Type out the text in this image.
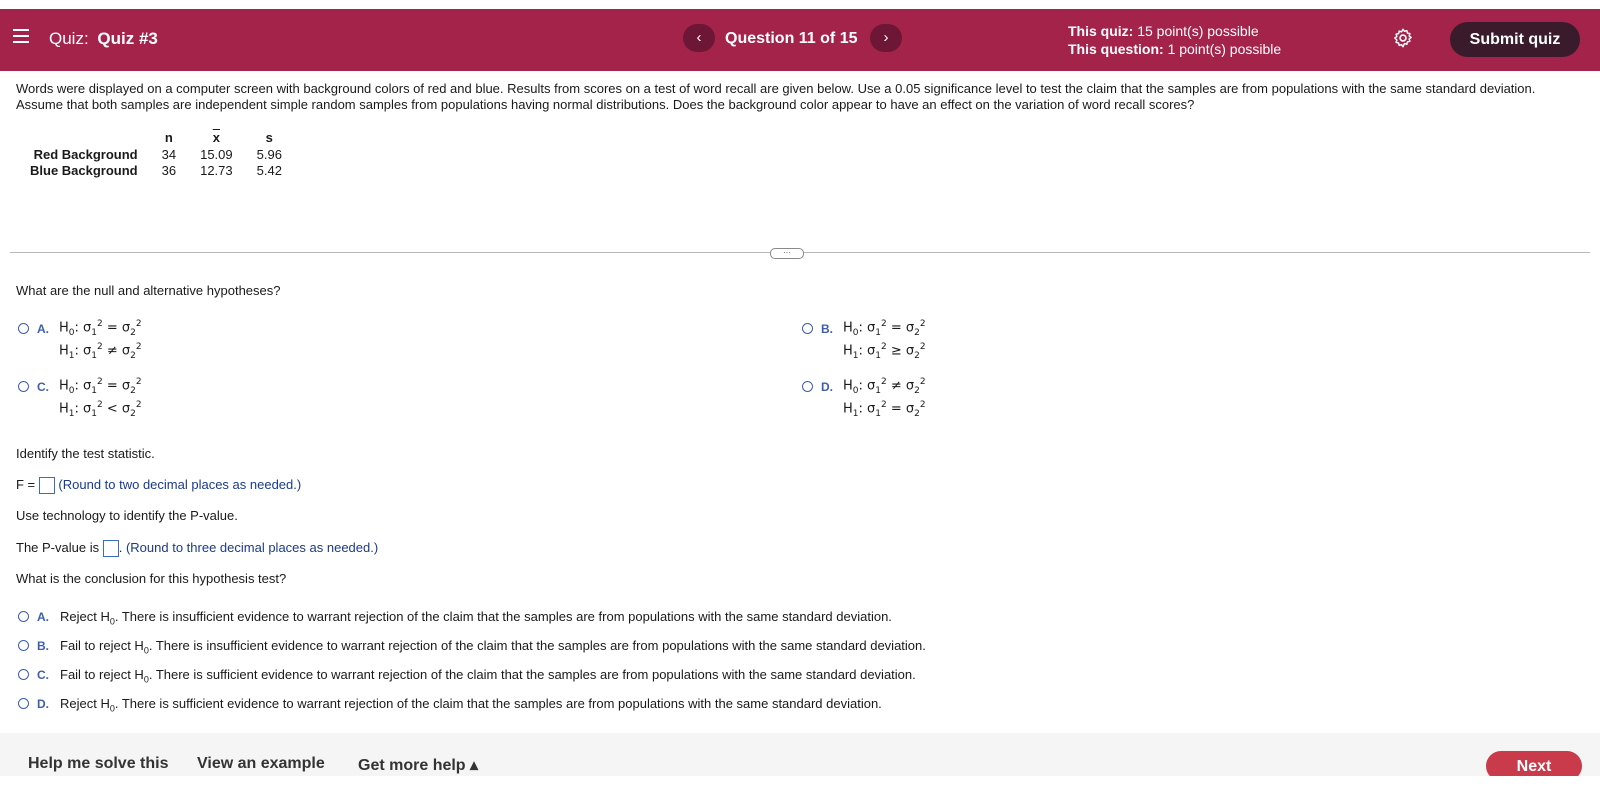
Quiz: Quiz #3	‹	Question 11 of 15	›	This quiz: 15 point(s) possible
This question: 1 point(s) possible
Submit quiz
Words were displayed on a computer screen with background colors of red and blue. Results from scores on a test of word recall are given below. Use a 0.05 significance level to test the claim that the samples are from populations with the same standard deviation. Assume that both samples are independent simple random samples from populations having normal distributions. Does the background color appear to have an effect on the variation of word recall scores?
	n	$\overline{x}$	s
Red Background	34	15.09	5.96
Blue Background	36	12.73	5.42
···
What are the null and alternative hypotheses?
A. $H_0$: $\sigma_1^2 = \sigma_2^2$
$H_1$: $\sigma_1^2 \ne \sigma_2^2$
B. $H_0$: $\sigma_1^2 = \sigma_2^2$
$H_1$: $\sigma_1^2 \ge \sigma_2^2$
C. $H_0$: $\sigma_1^2 = \sigma_2^2$
$H_1$: $\sigma_1^2 < \sigma_2^2$
D. $H_0$: $\sigma_1^2 \ne \sigma_2^2$
$H_1$: $\sigma_1^2 = \sigma_2^2$
Identify the test statistic.
F = (Round to two decimal places as needed.)
Use technology to identify the P-value.
The P-value is . (Round to three decimal places as needed.)
What is the conclusion for this hypothesis test?
A. Reject $H_0$. There is insufficient evidence to warrant rejection of the claim that the samples are from populations with the same standard deviation.
B. Fail to reject $H_0$. There is insufficient evidence to warrant rejection of the claim that the samples are from populations with the same standard deviation.
C. Fail to reject $H_0$. There is sufficient evidence to warrant rejection of the claim that the samples are from populations with the same standard deviation.
D. Reject $H_0$. There is sufficient evidence to warrant rejection of the claim that the samples are from populations with the same standard deviation.
Help me solve this View an example Get more help ▴	Next
